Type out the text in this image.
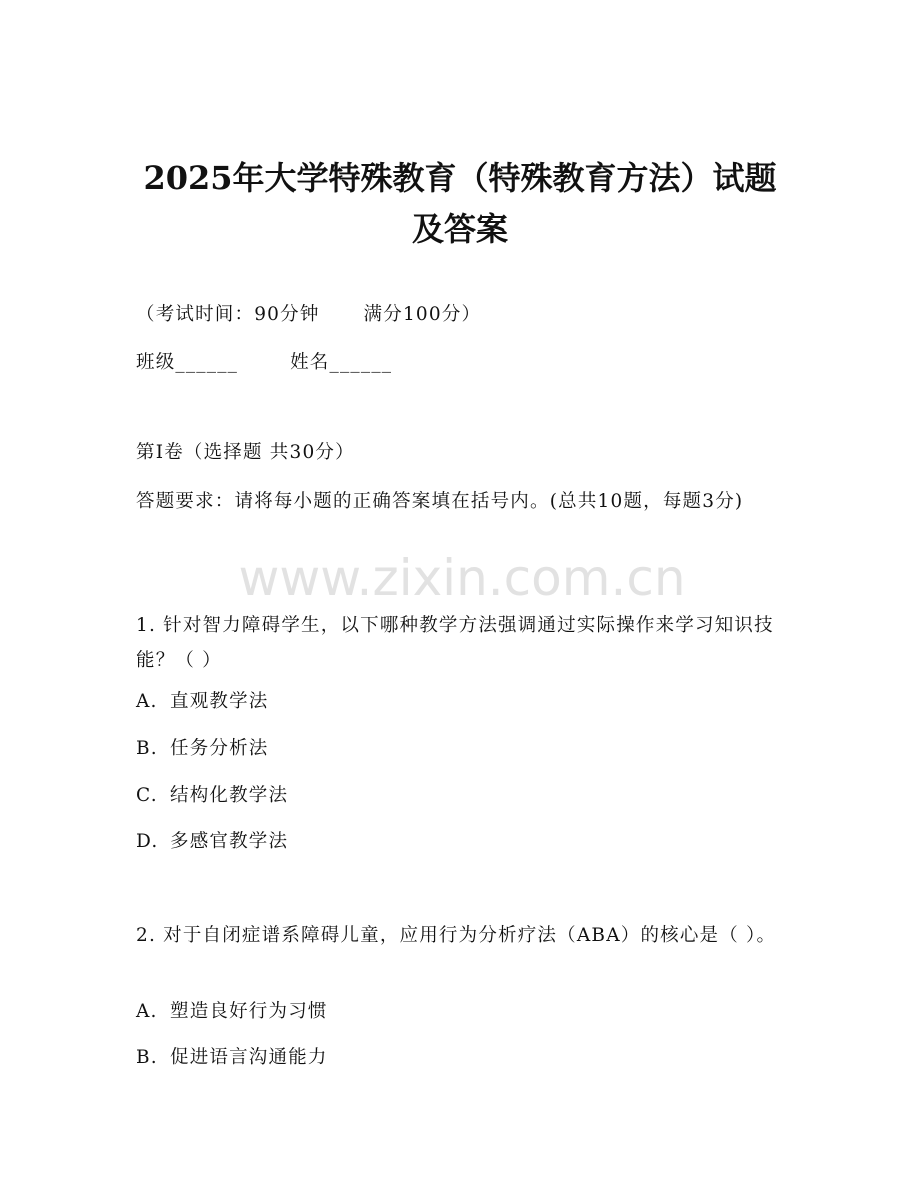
2025年大学特殊教育（特殊教育方法）试题
及答案
（考试时间：90分钟 满分100分）
班级______	姓名______
第I卷（选择题 共30分）
答题要求：请将每小题的正确答案填在括号内。(总共10题，每题3分)
www.zixin.com.cn
1. 针对智力障碍学生，以下哪种教学方法强调通过实际操作来学习知识技能？（ ）
A. 直观教学法
B. 任务分析法
C. 结构化教学法
D. 多感官教学法
2. 对于自闭症谱系障碍儿童，应用行为分析疗法（ABA）的核心是（ ）。
A. 塑造良好行为习惯
B. 促进语言沟通能力
